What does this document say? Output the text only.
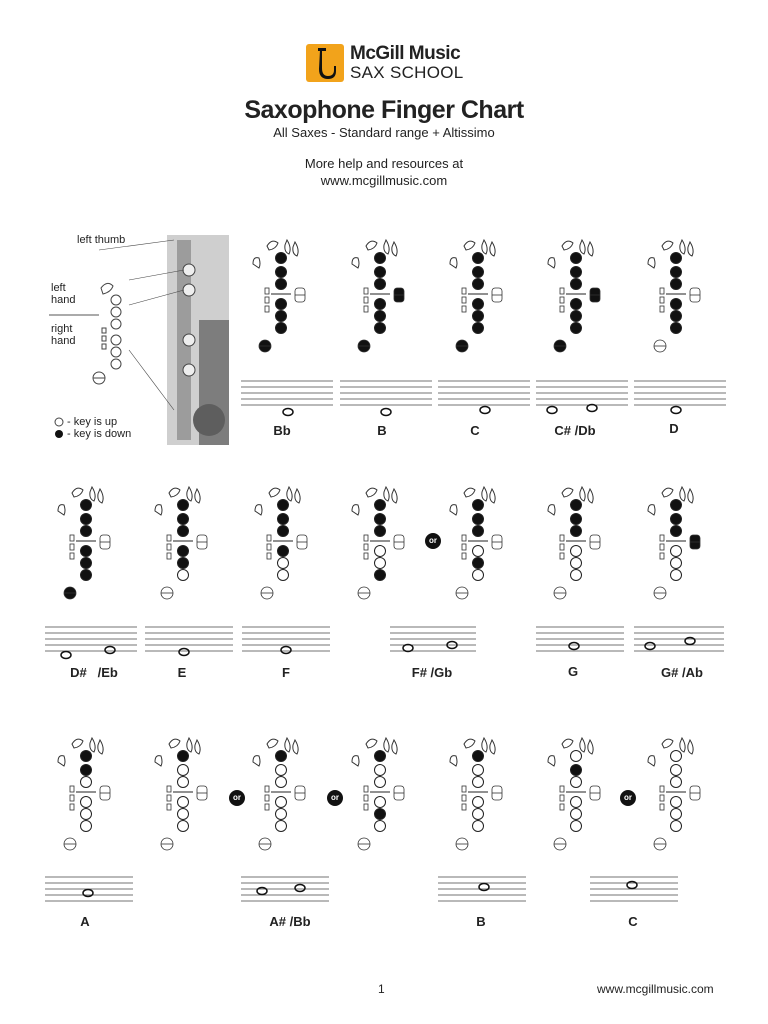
McGill Music
SAX SCHOOL
Saxophone Finger Chart
All Saxes - Standard range + Altissimo
More help and resources at
www.mcgillmusic.com
left thumb
left
hand
right
hand
- key is up
- key is down	Bb	B	C	C# /Db	D
D#   /Eb	E	F	F# /Gb	G	G# /Ab
A	A# /Bb	B	C
or
or	or	or
1	www.mcgillmusic.com
